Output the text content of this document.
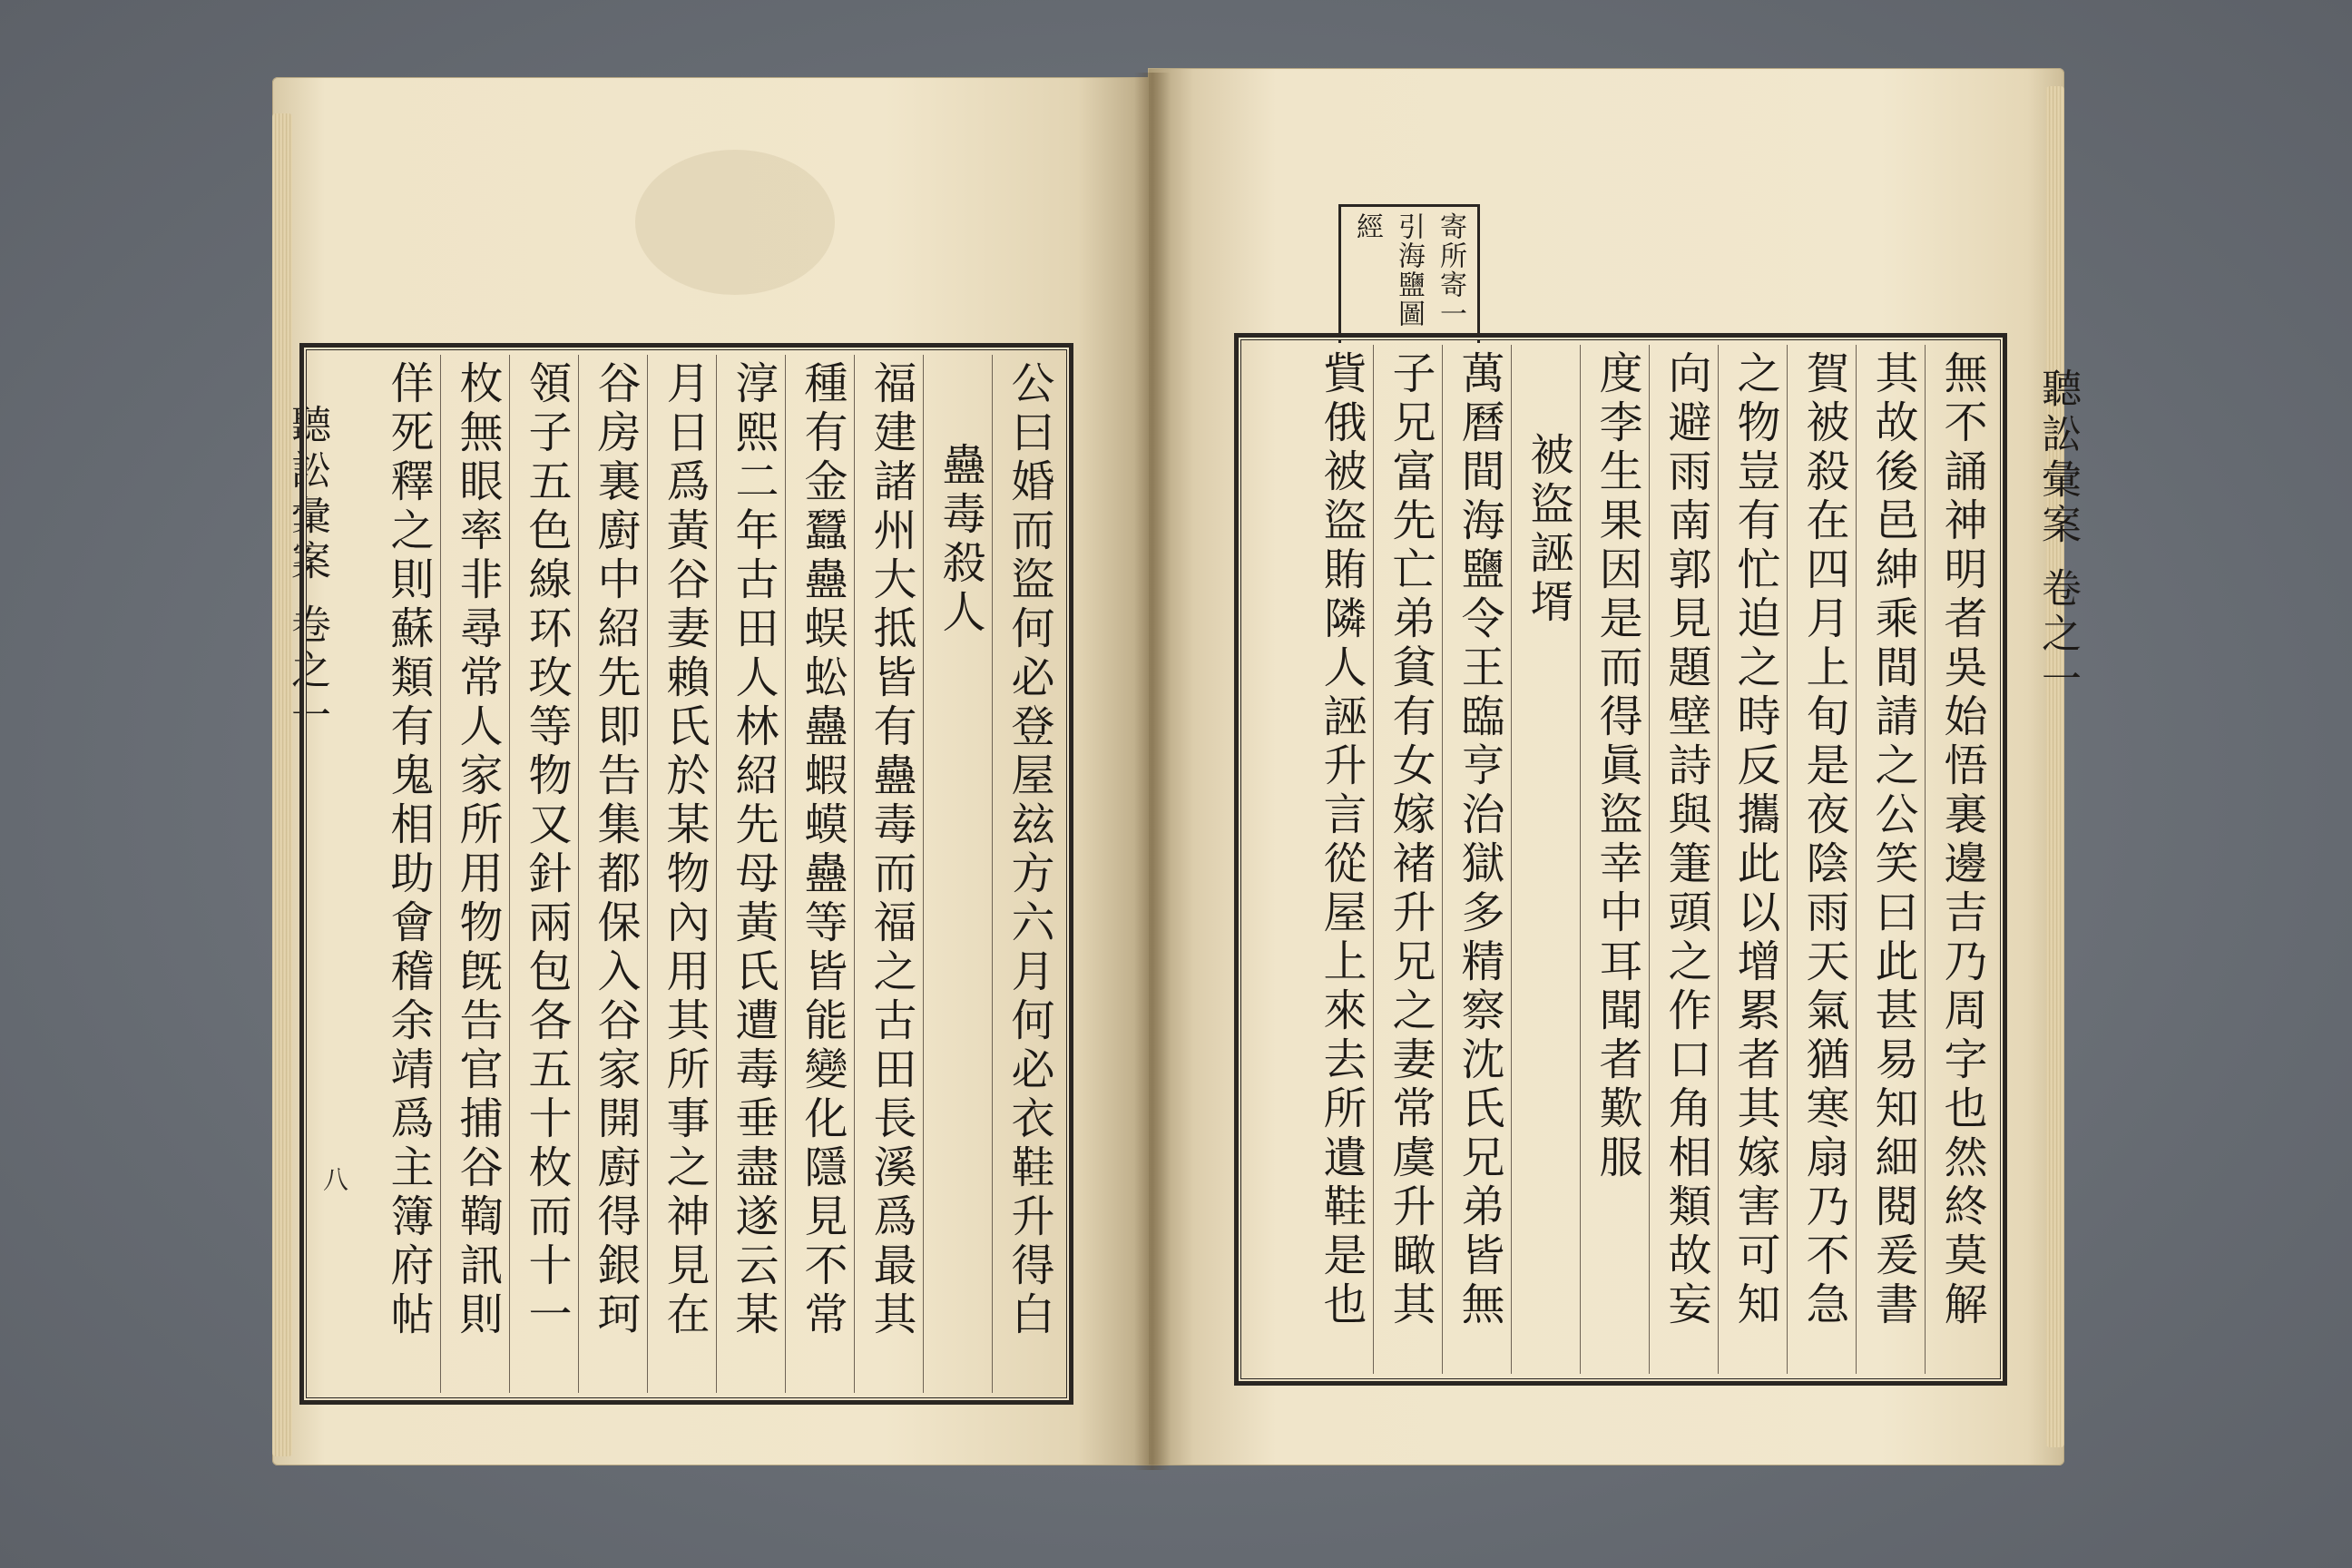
聽訟彙案 卷之一
八	公曰婚而盜何必登屋玆方六月何必衣鞋升得白
蠱毒殺人
福建諸州大抵皆有蠱毒而福之古田長溪爲最其
種有金蠶蠱蜈蚣蠱蝦蟆蠱等皆能變化隱見不常
淳熙二年古田人林紹先母黃氏遭毒垂盡遂云某
月日爲黃谷妻賴氏於某物內用其所事之神見在
谷房裏廚中紹先即告集都保入谷家開廚得銀珂
領子五色線环玫等物又針兩包各五十枚而十一
枚無眼率非尋常人家所用物旣告官捕谷鞫訊則
佯死釋之則蘇類有鬼相助會稽余靖爲主簿府帖
寄所寄一
引海鹽圖
經
聽訟彙案 卷之一
無不誦神明者吳始悟裏邊吉乃周字也然終莫解
其故後邑紳乘間請之公笑曰此甚易知細閱爰書
賀被殺在四月上旬是夜陰雨天氣猶寒扇乃不急
之物豈有忙迫之時反攜此以增累者其嫁害可知
向避雨南郭見題壁詩與箑頭之作口角相類故妄
度李生果因是而得眞盜幸中耳聞者歎服
被盜誣壻
萬曆間海鹽令王臨亨治獄多精察沈氏兄弟皆無
子兄富先亡弟貧有女嫁褚升兄之妻常虞升瞰其
貲俄被盜賄隣人誣升言從屋上來去所遺鞋是也
